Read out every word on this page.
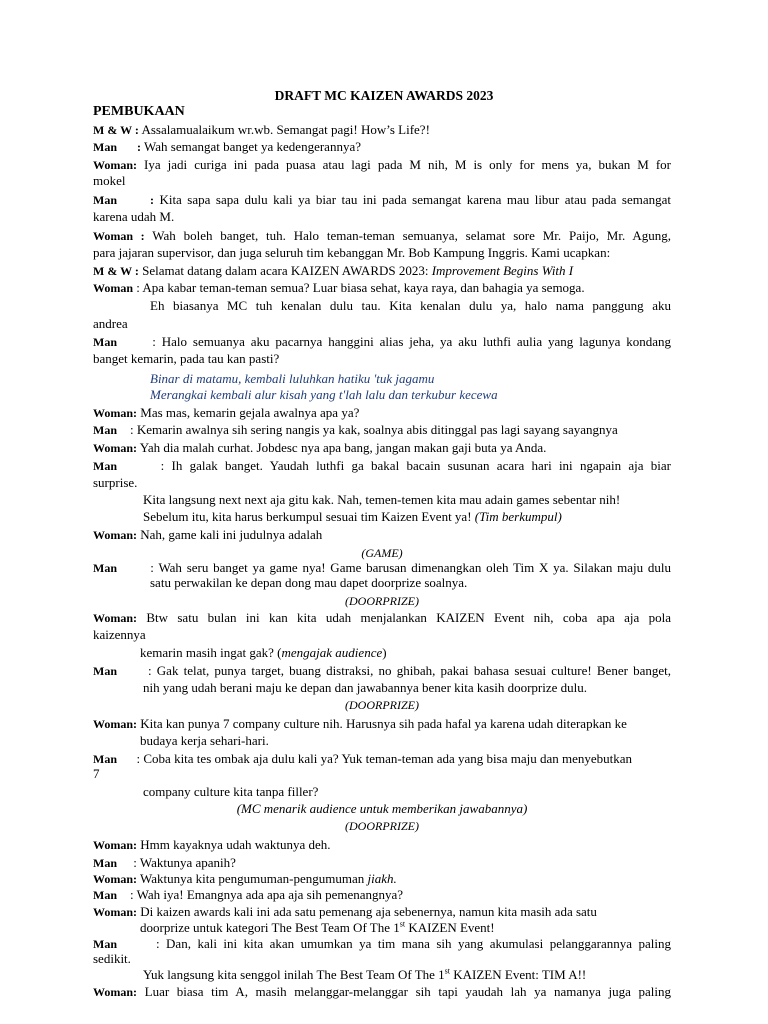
DRAFT MC KAIZEN AWARDS 2023
PEMBUKAAN
M & W : Assalamualaikum wr.wb. Semangat pagi! How’s Life?!
Man : Wah semangat banget ya kedengerannya?
Woman: Iya jadi curiga ini pada puasa atau lagi pada M nih, M is only for mens ya, bukan M for
mokel
Man	: Kita sapa sapa dulu kali ya biar tau ini pada semangat karena mau libur atau pada semangat
karena udah M.
Woman : Wah boleh banget, tuh. Halo teman-teman semuanya, selamat sore Mr. Paijo, Mr. Agung,
para jajaran supervisor, dan juga seluruh tim kebanggan Mr. Bob Kampung Inggris. Kami ucapkan:
M & W : Selamat datang dalam acara KAIZEN AWARDS 2023: Improvement Begins With I
Woman : Apa kabar teman-teman semua? Luar biasa sehat, kaya raya, dan bahagia ya semoga.
Eh biasanya MC tuh kenalan dulu tau. Kita kenalan dulu ya, halo nama panggung aku
andrea
Man      : Halo semuanya aku pacarnya hanggini alias jeha, ya aku luthfi aulia yang lagunya kondang
banget kemarin, pada tau kan pasti?
Binar di matamu, kembali luluhkan hatiku 'tuk jagamu
Merangkai kembali alur kisah yang t'lah lalu dan terkubur kecewa
Woman: Mas mas, kemarin gejala awalnya apa ya?
Man    : Kemarin awalnya sih sering nangis ya kak, soalnya abis ditinggal pas lagi sayang sayangnya
Woman: Yah dia malah curhat. Jobdesc nya apa bang, jangan makan gaji buta ya Anda.
Man      : Ih galak banget. Yaudah luthfi ga bakal bacain susunan acara hari ini ngapain aja biar
surprise.
Kita langsung next next aja gitu kak. Nah, temen-temen kita mau adain games sebentar nih!
Sebelum itu, kita harus berkumpul sesuai tim Kaizen Event ya! (Tim berkumpul)
Woman: Nah, game kali ini judulnya adalah
(GAME)
Man       : Wah seru banget ya game nya! Game barusan dimenangkan oleh Tim X ya. Silakan maju dulu
satu perwakilan ke depan dong mau dapet doorprize soalnya.
(DOORPRIZE)
Woman: Btw satu bulan ini kan kita udah menjalankan KAIZEN Event nih, coba apa aja pola
kaizennya
kemarin masih ingat gak? (mengajak audience)
Man      : Gak telat, punya target, buang distraksi, no ghibah, pakai bahasa sesuai culture! Bener banget,
nih yang udah berani maju ke depan dan jawabannya bener kita kasih doorprize dulu.
(DOORPRIZE)
Woman: Kita kan punya 7 company culture nih. Harusnya sih pada hafal ya karena udah diterapkan ke
budaya kerja sehari-hari.
Man      : Coba kita tes ombak aja dulu kali ya? Yuk teman-teman ada yang bisa maju dan menyebutkan
7
company culture kita tanpa filler?
(MC menarik audience untuk memberikan jawabannya)
(DOORPRIZE)
Woman: Hmm kayaknya udah waktunya deh.
Man     : Waktunya apanih?
Woman: Waktunya kita pengumuman-pengumuman jiakh.
Man    : Wah iya! Emangnya ada apa aja sih pemenangnya?
Woman: Di kaizen awards kali ini ada satu pemenang aja sebenernya, namun kita masih ada satu
doorprize untuk kategori The Best Team Of The 1st KAIZEN Event!
Man      : Dan, kali ini kita akan umumkan ya tim mana sih yang akumulasi pelanggarannya paling
sedikit.
Yuk langsung kita senggol inilah The Best Team Of The 1st KAIZEN Event: TIM A!!
Woman: Luar biasa tim A, masih melanggar-melanggar sih tapi yaudah lah ya namanya juga paling
